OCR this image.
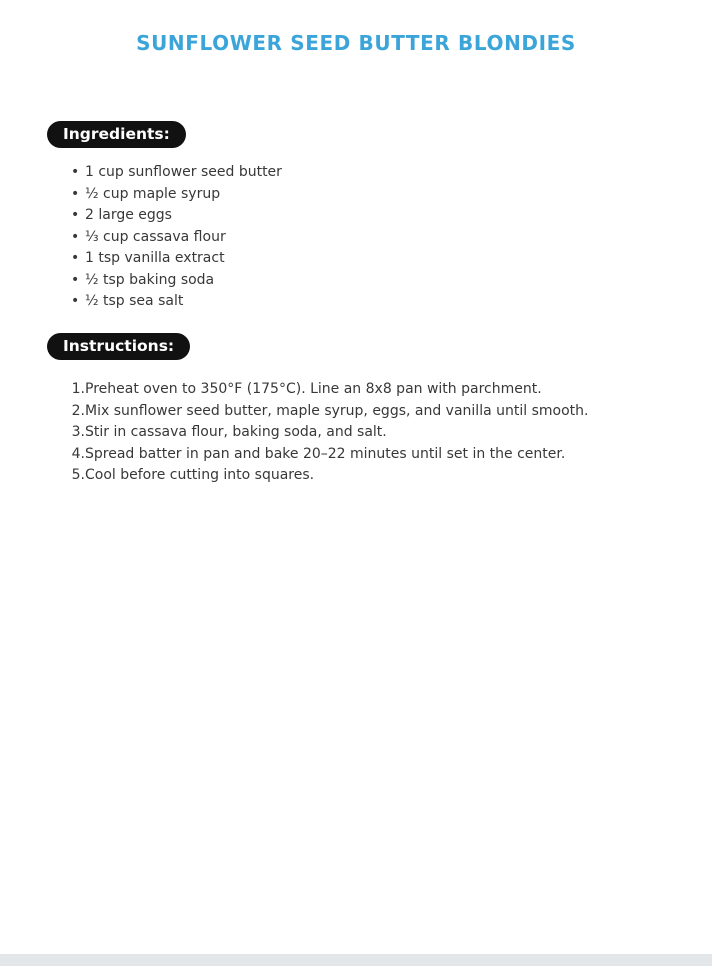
SUNFLOWER SEED BUTTER BLONDIES
Ingredients:
• 1 cup sunflower seed butter
• ½ cup maple syrup
• 2 large eggs
• ⅓ cup cassava flour
• 1 tsp vanilla extract
• ½ tsp baking soda
• ½ tsp sea salt
Instructions:
Preheat oven to 350°F (175°C). Line an 8x8 pan with parchment.
Mix sunflower seed butter, maple syrup, eggs, and vanilla until smooth.
Stir in cassava flour, baking soda, and salt.
Spread batter in pan and bake 20–22 minutes until set in the center.
Cool before cutting into squares.
